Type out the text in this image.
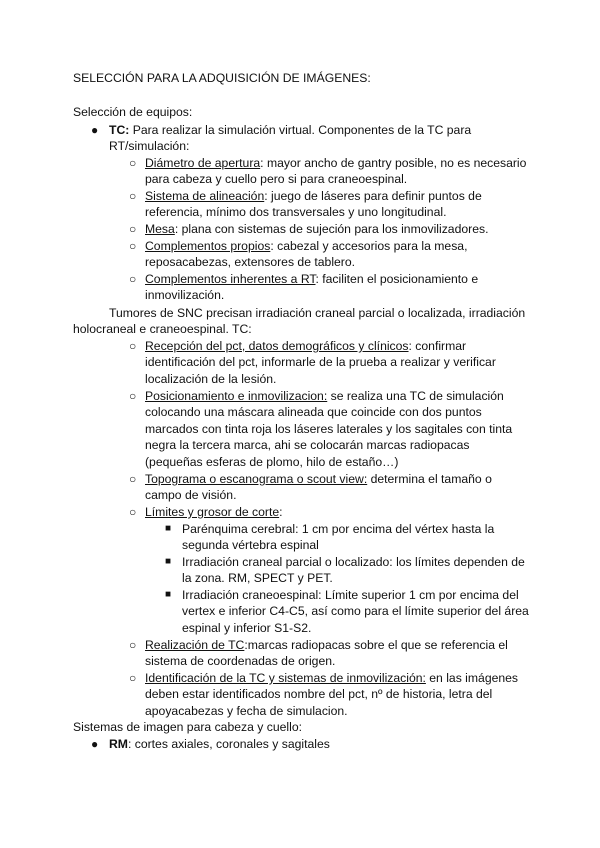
SELECCIÓN PARA LA ADQUISICIÓN DE IMÁGENES:
Selección de equipos:
● TC: Para realizar la simulación virtual. Componentes de la TC para
RT/simulación:
○ Diámetro de apertura: mayor ancho de gantry posible, no es necesario
para cabeza y cuello pero si para craneoespinal.
○ Sistema de alineación: juego de láseres para definir puntos de
referencia, mínimo dos transversales y uno longitudinal.
○ Mesa: plana con sistemas de sujeción para los inmovilizadores.
○ Complementos propios: cabezal y accesorios para la mesa,
reposacabezas, extensores de tablero.
○ Complementos inherentes a RT: faciliten el posicionamiento e
inmovilización.
Tumores de SNC precisan irradiación craneal parcial o localizada, irradiación
holocraneal e craneoespinal. TC:
○ Recepción del pct, datos demográficos y clínicos: confirmar
identificación del pct, informarle de la prueba a realizar y verificar
localización de la lesión.
○ Posicionamiento e inmovilizacion: se realiza una TC de simulación
colocando una máscara alineada que coincide con dos puntos
marcados con tinta roja los láseres laterales y los sagitales con tinta
negra la tercera marca, ahi se colocarán marcas radiopacas
(pequeñas esferas de plomo, hilo de estaño…)
○ Topograma o escanograma o scout view: determina el tamaño o
campo de visión.
○ Límites y grosor de corte:
■ Parénquima cerebral: 1 cm por encima del vértex hasta la
segunda vértebra espinal
■ Irradiación craneal parcial o localizado: los límites dependen de
la zona. RM, SPECT y PET.
■ Irradiación craneoespinal: Límite superior 1 cm por encima del
vertex e inferior C4-C5, así como para el límite superior del área
espinal y inferior S1-S2.
○ Realización de TC:marcas radiopacas sobre el que se referencia el
sistema de coordenadas de origen.
○ Identificación de la TC y sistemas de inmovilización: en las imágenes
deben estar identificados nombre del pct, nº de historia, letra del
apoyacabezas y fecha de simulacion.
Sistemas de imagen para cabeza y cuello:
● RM: cortes axiales, coronales y sagitales
